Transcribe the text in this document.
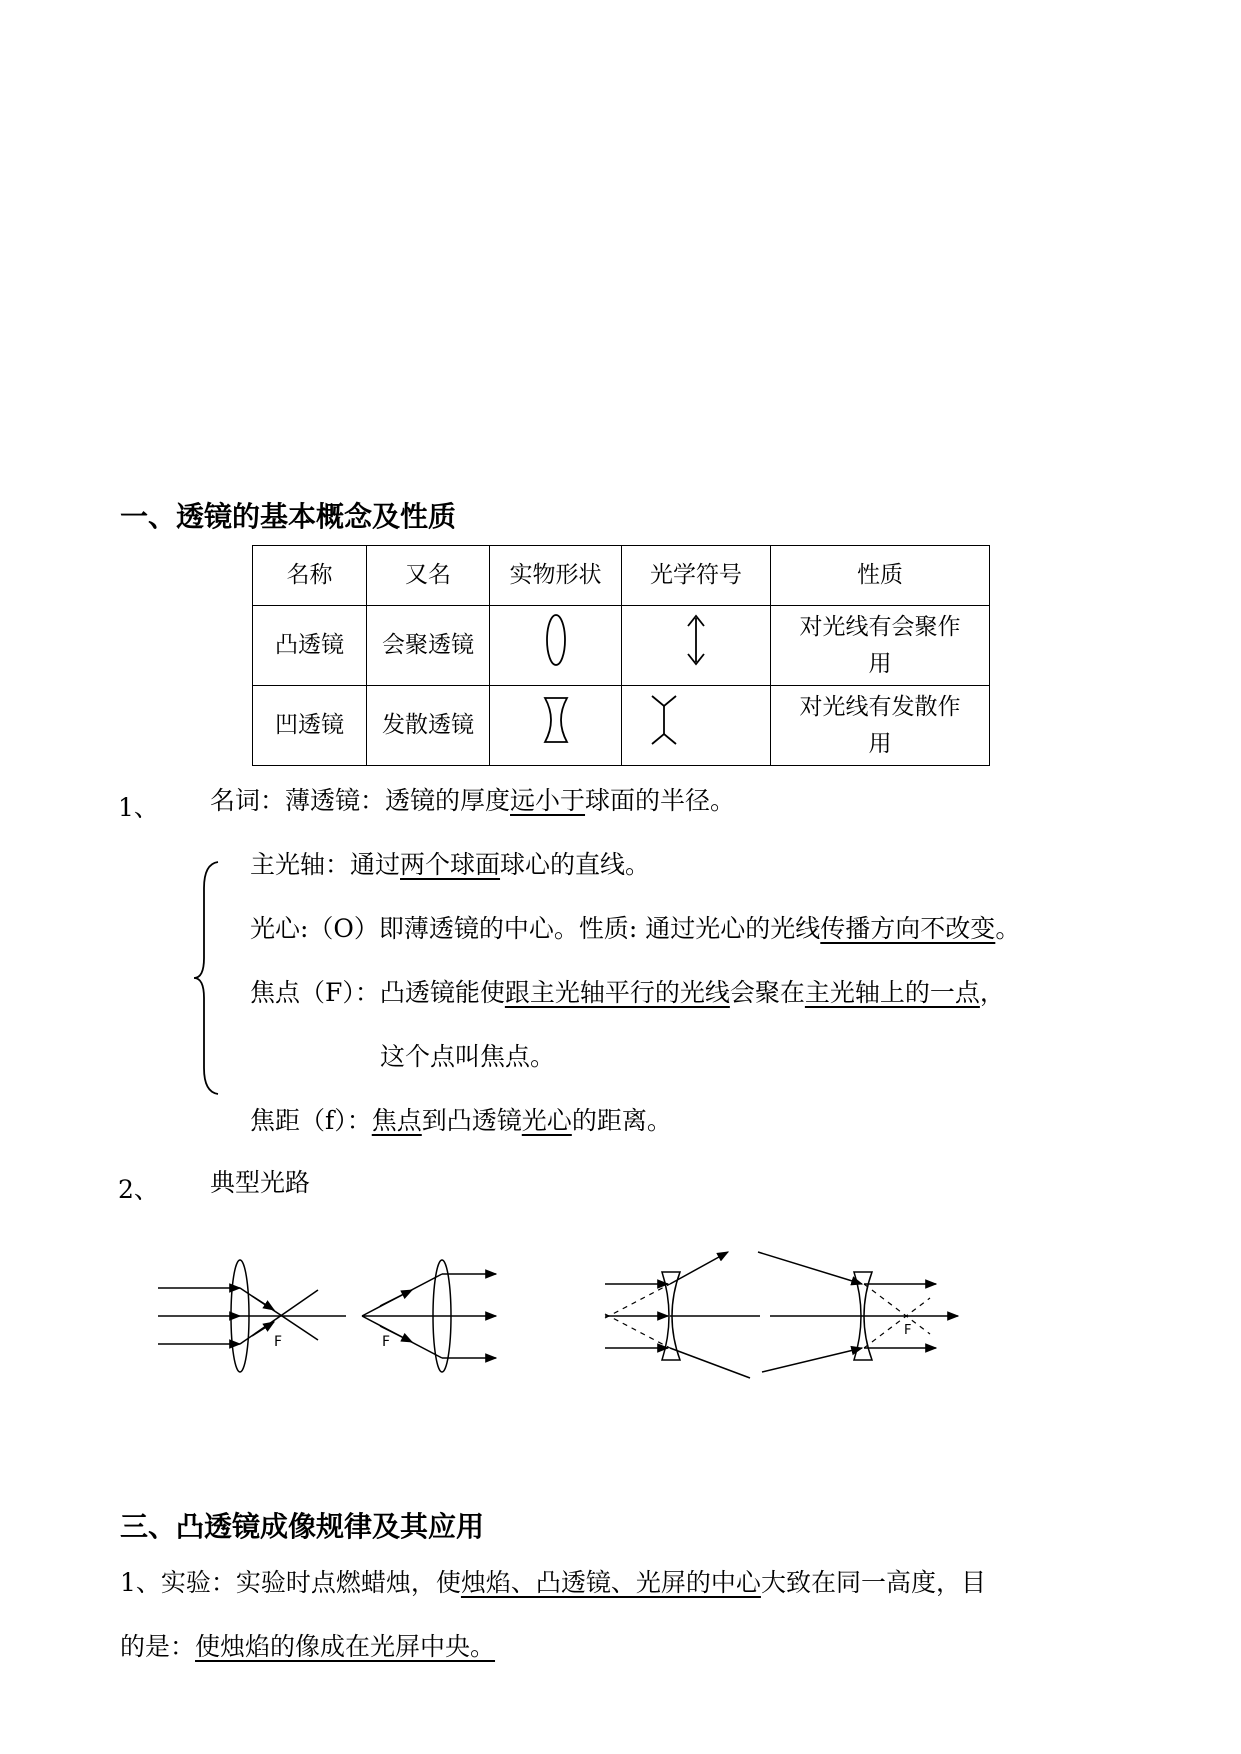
一、透镜的基本概念及性质
名称	又名	实物形状	光学符号	性质
凸透镜	会聚透镜			对光线有会聚作用
凹透镜	发散透镜			对光线有发散作用
1、 名词：薄透镜：透镜的厚度远小于球面的半径。
主光轴：通过两个球面球心的直线。
光心:（O）即薄透镜的中心。性质: 通过光心的光线传播方向不改变。
焦点（F）：凸透镜能使跟主光轴平行的光线会聚在主光轴上的一点，
这个点叫焦点。
焦距（f）：焦点到凸透镜光心的距离。
2、 典型光路
F	F
F
三、凸透镜成像规律及其应用
1、实验：实验时点燃蜡烛，使烛焰、凸透镜、光屏的中心大致在同一高度，目
的是：使烛焰的像成在光屏中央。
